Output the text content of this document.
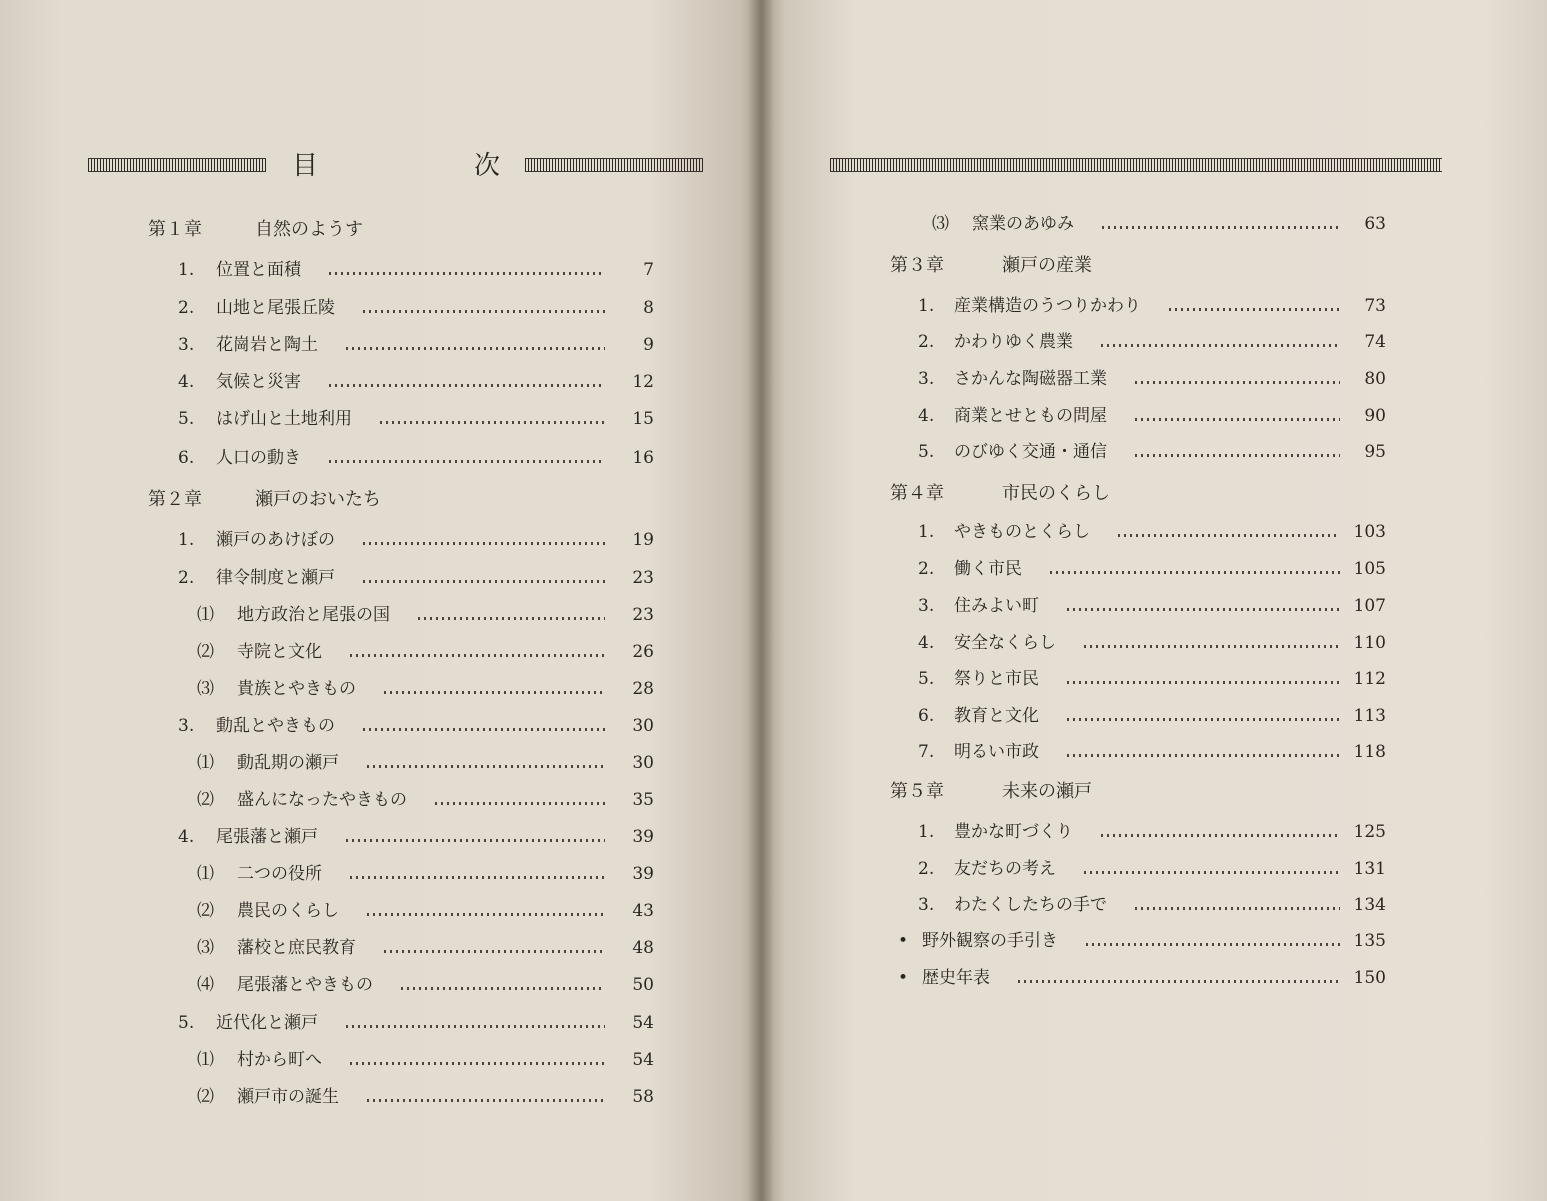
目	次
第１章	自然のようす
1. 位置と面積	7
2. 山地と尾張丘陵	8
3. 花崗岩と陶土	9
4. 気候と災害	12
5. はげ山と土地利用	15
6. 人口の動き	16
第２章	瀬戸のおいたち
1. 瀬戸のあけぼの	19
2. 律令制度と瀬戸	23
⑴ 地方政治と尾張の国	23
⑵ 寺院と文化	26
⑶ 貴族とやきもの	28
3. 動乱とやきもの	30
⑴ 動乱期の瀬戸	30
⑵ 盛んになったやきもの	35
4. 尾張藩と瀬戸	39
⑴ 二つの役所	39
⑵ 農民のくらし	43
⑶ 藩校と庶民教育	48
⑷ 尾張藩とやきもの	50
5. 近代化と瀬戸	54
⑴ 村から町へ	54
⑵ 瀬戸市の誕生	58
⑶ 窯業のあゆみ	63
第３章	瀬戸の産業
1. 産業構造のうつりかわり	73
2. かわりゆく農業	74
3. さかんな陶磁器工業	80
4. 商業とせともの問屋	90
5. のびゆく交通・通信	95
第４章	市民のくらし
1. やきものとくらし	103
2. 働く市民	105
3. 住みよい町	107
4. 安全なくらし	110
5. 祭りと市民	112
6. 教育と文化	113
7. 明るい市政	118
第５章	未来の瀬戸
1. 豊かな町づくり	125
2. 友だちの考え	131
3. わたくしたちの手で	134
• 野外観察の手引き	135
• 歴史年表	150
